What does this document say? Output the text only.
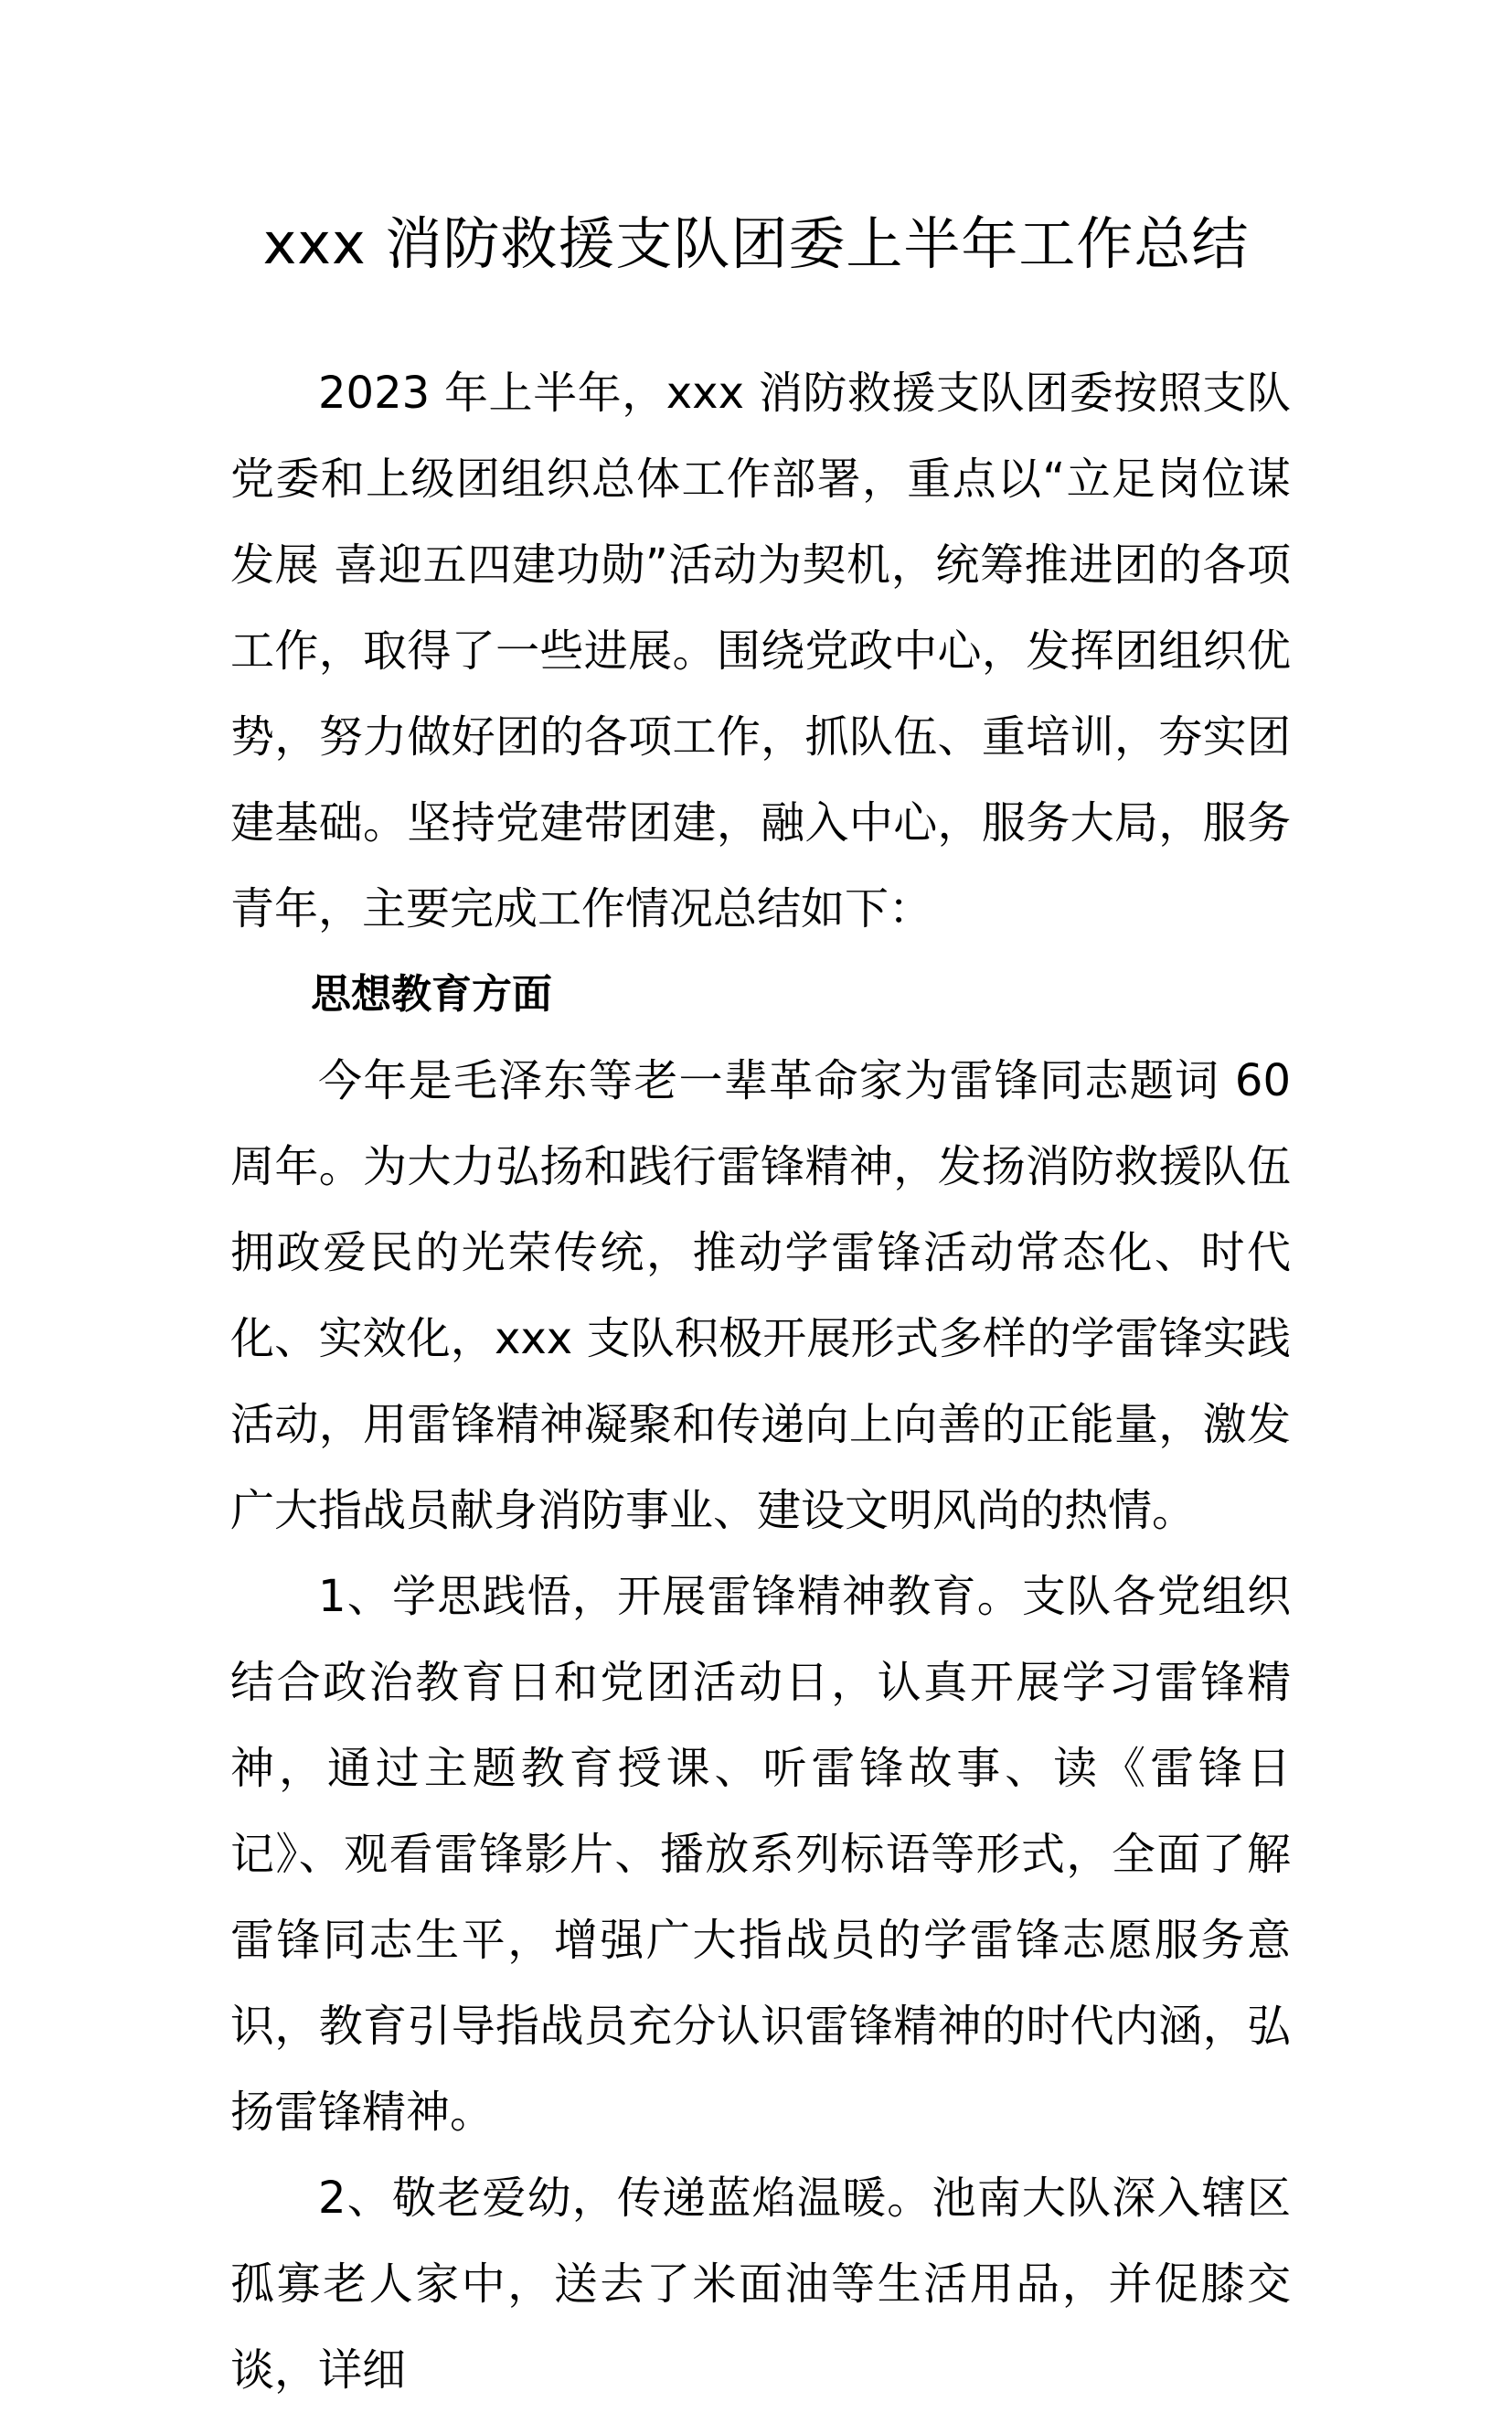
xxx 消防救援支队团委上半年工作总结

2023 年上半年，xxx 消防救援支队团委按照支队党委和上级团组织总体工作部署，重点以“立足岗位谋发展 喜迎五四建功勋”活动为契机，统筹推进团的各项工作，取得了一些进展。围绕党政中心，发挥团组织优势，努力做好团的各项工作，抓队伍、重培训，夯实团建基础。坚持党建带团建，融入中心，服务大局，服务青年，主要完成工作情况总结如下：

思想教育方面

今年是毛泽东等老一辈革命家为雷锋同志题词 60 周年。为大力弘扬和践行雷锋精神，发扬消防救援队伍拥政爱民的光荣传统，推动学雷锋活动常态化、时代化、实效化，xxx 支队积极开展形式多样的学雷锋实践活动，用雷锋精神凝聚和传递向上向善的正能量，激发广大指战员献身消防事业、建设文明风尚的热情。

1、学思践悟，开展雷锋精神教育。支队各党组织结合政治教育日和党团活动日，认真开展学习雷锋精神，通过主题教育授课、听雷锋故事、读《雷锋日记》、观看雷锋影片、播放系列标语等形式，全面了解雷锋同志生平，增强广大指战员的学雷锋志愿服务意识，教育引导指战员充分认识雷锋精神的时代内涵，弘扬雷锋精神。

2、敬老爱幼，传递蓝焰温暖。池南大队深入辖区孤寡老人家中，送去了米面油等生活用品，并促膝交谈，详细
